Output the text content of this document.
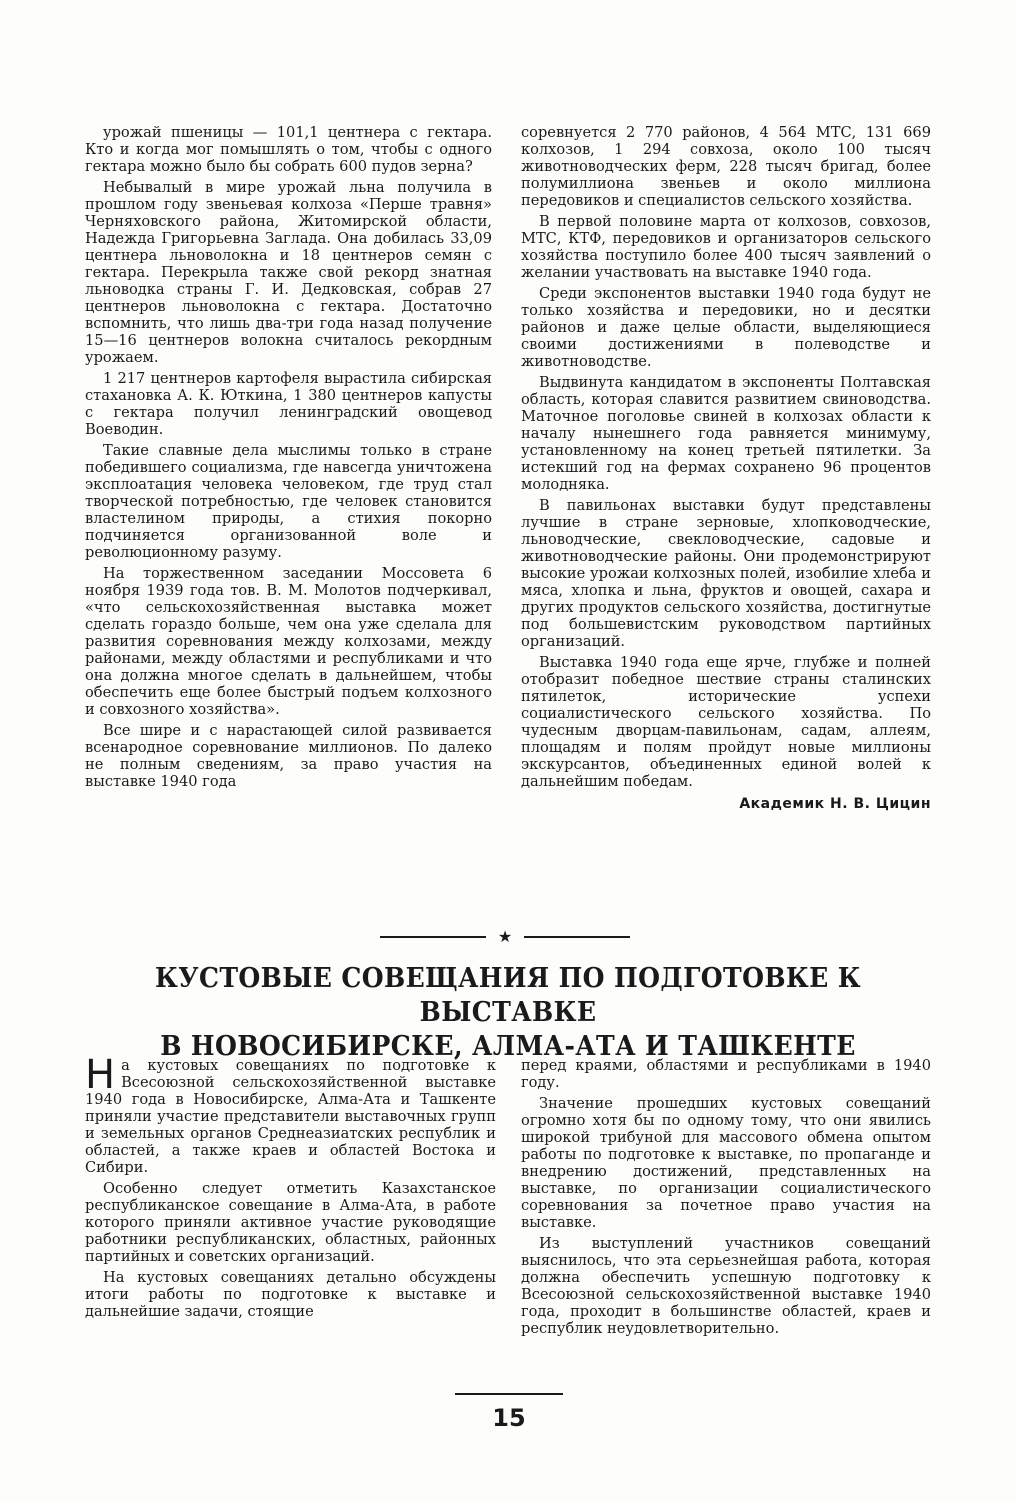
урожай пшеницы — 101,1 центнера с гектара. Кто и когда мог помышлять о том, чтобы с одного гектара можно было бы собрать 600 пудов зерна?

Небывалый в мире урожай льна получила в прошлом году звеньевая колхоза «Перше травня» Черняховского района, Житомирской области, Надежда Григорьевна Заглада. Она добилась 33,09 центнера льноволокна и 18 центнеров семян с гектара. Перекрыла также свой рекорд знатная льноводка страны Г. И. Дедковская, собрав 27 центнеров льноволокна с гектара. Достаточно вспомнить, что лишь два-три года назад получение 15—16 центнеров волокна считалось рекордным урожаем.

1 217 центнеров картофеля вырастила сибирская стахановка А. К. Юткина, 1 380 центнеров капусты с гектара получил ленинградский овощевод Воеводин.

Такие славные дела мыслимы только в стране победившего социализма, где навсегда уничтожена эксплоатация человека человеком, где труд стал творческой потребностью, где человек становится властелином природы, а стихия покорно подчиняется организованной воле и революционному разуму.

На торжественном заседании Моссовета 6 ноября 1939 года тов. В. М. Молотов подчеркивал, «что сельскохозяйственная выставка может сделать гораздо больше, чем она уже сделала для развития соревнования между колхозами, между районами, между областями и республиками и что она должна многое сделать в дальнейшем, чтобы обеспечить еще более быстрый подъем колхозного и совхозного хозяйства».

Все шире и с нарастающей силой развивается всенародное соревнование миллионов. По далеко не полным сведениям, за право участия на выставке 1940 года

соревнуется 2 770 районов, 4 564 МТС, 131 669 колхозов, 1 294 совхоза, около 100 тысяч животноводческих ферм, 228 тысяч бригад, более полумиллиона звеньев и около миллиона передовиков и специалистов сельского хозяйства.

В первой половине марта от колхозов, совхозов, МТС, КТФ, передовиков и организаторов сельского хозяйства поступило более 400 тысяч заявлений о желании участвовать на выставке 1940 года.

Среди экспонентов выставки 1940 года будут не только хозяйства и передовики, но и десятки районов и даже целые области, выделяющиеся своими достижениями в полеводстве и животноводстве.

Выдвинута кандидатом в экспоненты Полтавская область, которая славится развитием свиноводства. Маточное поголовье свиней в колхозах области к началу нынешнего года равняется минимуму, установленному на конец третьей пятилетки. За истекший год на фермах сохранено 96 процентов молодняка.

В павильонах выставки будут представлены лучшие в стране зерновые, хлопководческие, льноводческие, свекловодческие, садовые и животноводческие районы. Они продемонстрируют высокие урожаи колхозных полей, изобилие хлеба и мяса, хлопка и льна, фруктов и овощей, сахара и других продуктов сельского хозяйства, достигнутые под большевистским руководством партийных организаций.

Выставка 1940 года еще ярче, глубже и полней отобразит победное шествие страны сталинских пятилеток, исторические успехи социалистического сельского хозяйства. По чудесным дворцам-павильонам, садам, аллеям, площадям и полям пройдут новые миллионы экскурсантов, объединенных единой волей к дальнейшим победам.

Академик Н. В. Цицин

★
КУСТОВЫЕ СОВЕЩАНИЯ ПО ПОДГОТОВКЕ К ВЫСТАВКЕ
В НОВОСИБИРСКЕ, АЛМА-АТА И ТАШКЕНТЕ

На кустовых совещаниях по подготовке к Всесоюзной сельскохозяйственной выставке 1940 года в Новосибирске, Алма-Ата и Ташкенте приняли участие представители выставочных групп и земельных органов Среднеазиатских республик и областей, а также краев и областей Востока и Сибири.

Особенно следует отметить Казахстанское республиканское совещание в Алма-Ата, в работе которого приняли активное участие руководящие работники республиканских, областных, районных партийных и советских организаций.

На кустовых совещаниях детально обсуждены итоги работы по подготовке к выставке и дальнейшие задачи, стоящие

перед краями, областями и республиками в 1940 году.

Значение прошедших кустовых совещаний огромно хотя бы по одному тому, что они явились широкой трибуной для массового обмена опытом работы по подготовке к выставке, по пропаганде и внедрению достижений, представленных на выставке, по организации социалистического соревнования за почетное право участия на выставке.

Из выступлений участников совещаний выяснилось, что эта серьезнейшая работа, которая должна обеспечить успешную подготовку к Всесоюзной сельскохозяйственной выставке 1940 года, проходит в большинстве областей, краев и республик неудовлетворительно.

15
